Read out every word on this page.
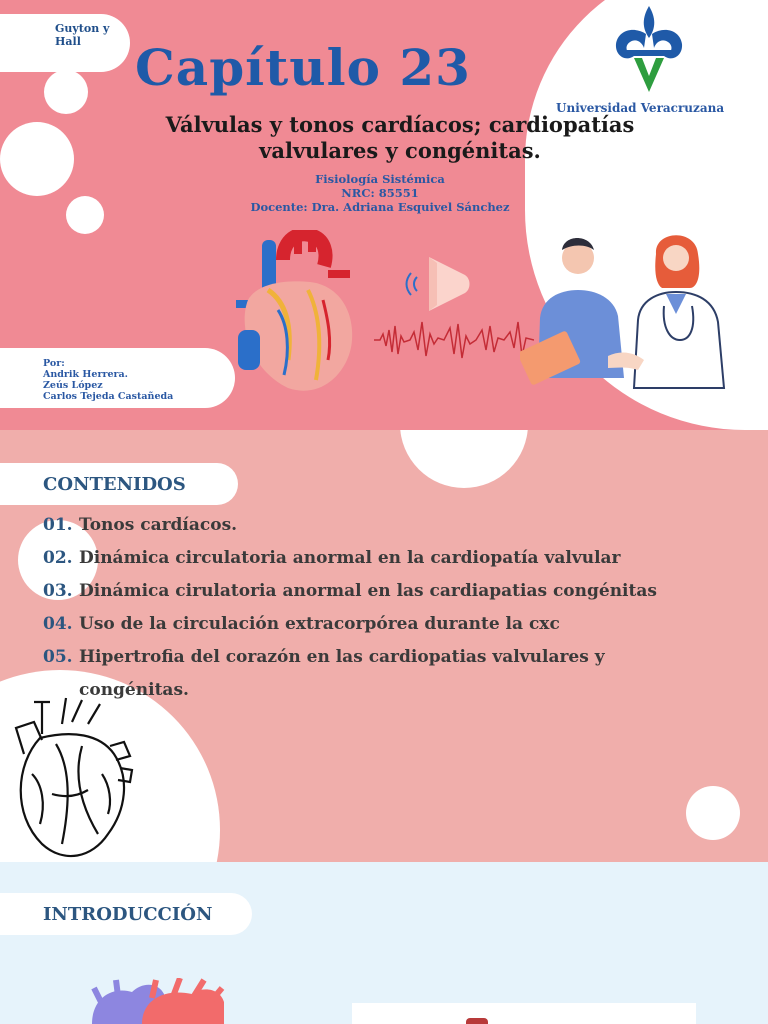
Guyton y Hall	Capítulo 23
Válvulas y tonos cardíacos; cardiopatías
valvulares y congénitas.
Fisiología Sistémica
NRC: 85551
Docente: Dra. Adriana Esquivel Sánchez
Universidad Veracruzana
Por:
Andrik Herrera.
Zeús López
Carlos Tejeda Castañeda
CONTENIDOS
01. Tonos cardíacos.
02. Dinámica circulatoria anormal en la cardiopatía valvular
03. Dinámica cirulatoria anormal en las cardiapatias congénitas
04. Uso de la circulación extracorpórea durante la cxc
05. Hipertrofia del corazón en las cardiopatias valvulares y
congénitas.
INTRODUCCIÓN
